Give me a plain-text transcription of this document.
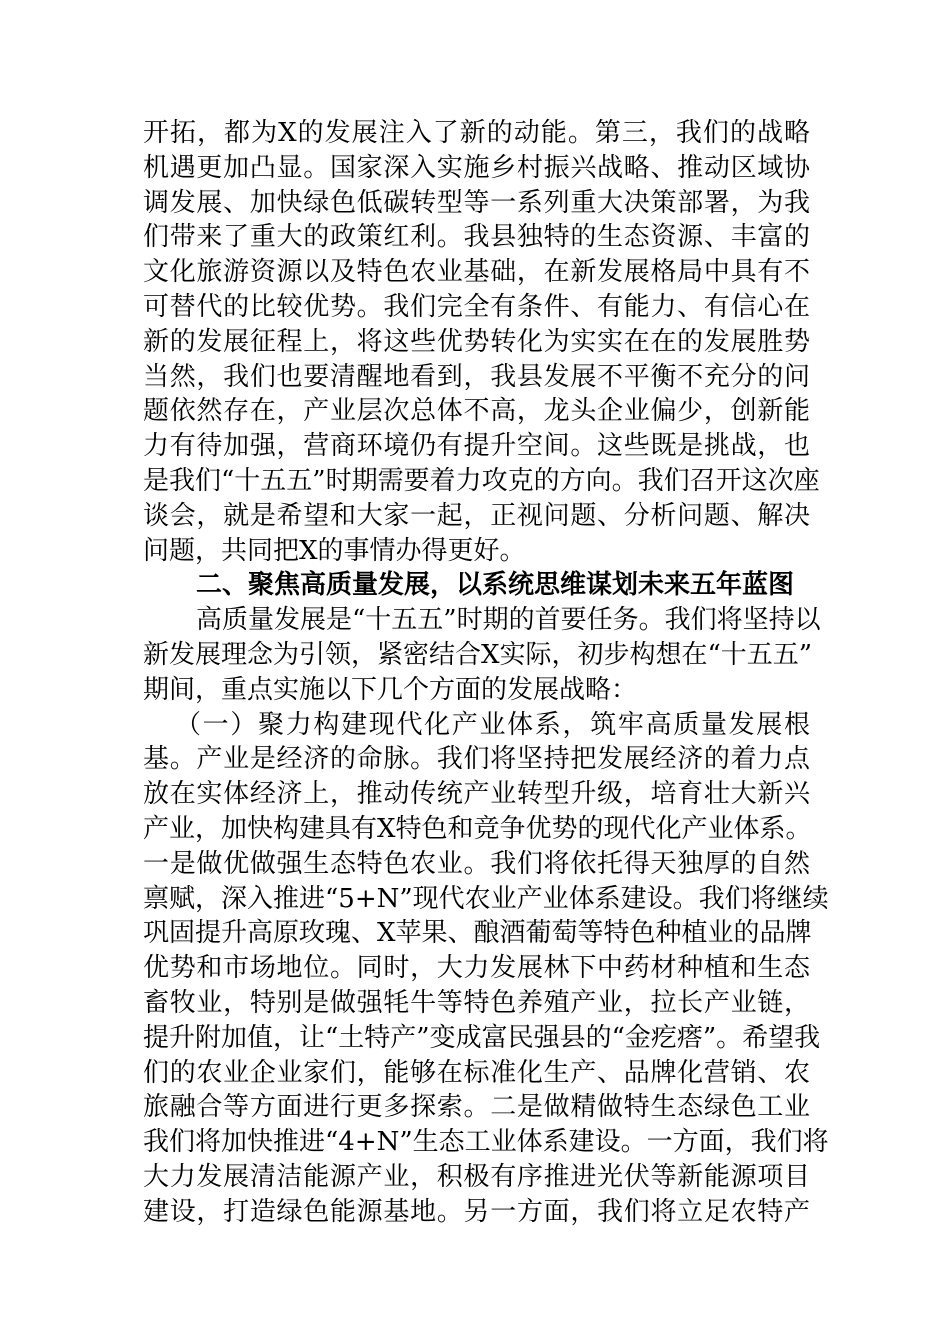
开拓，都为X的发展注入了新的动能。第三，我们的战略
机遇更加凸显。国家深入实施乡村振兴战略、推动区域协
调发展、加快绿色低碳转型等一系列重大决策部署，为我
们带来了重大的政策红利。我县独特的生态资源、丰富的
文化旅游资源以及特色农业基础，在新发展格局中具有不
可替代的比较优势。我们完全有条件、有能力、有信心在
新的发展征程上，将这些优势转化为实实在在的发展胜势
当然，我们也要清醒地看到，我县发展不平衡不充分的问
题依然存在，产业层次总体不高，龙头企业偏少，创新能
力有待加强，营商环境仍有提升空间。这些既是挑战，也
是我们“十五五”时期需要着力攻克的方向。我们召开这次座
谈会，就是希望和大家一起，正视问题、分析问题、解决
问题，共同把X的事情办得更好。
二、聚焦高质量发展，以系统思维谋划未来五年蓝图
高质量发展是“十五五”时期的首要任务。我们将坚持以
新发展理念为引领，紧密结合X实际，初步构想在“十五五”
期间，重点实施以下几个方面的发展战略：
（一）聚力构建现代化产业体系，筑牢高质量发展根
基。产业是经济的命脉。我们将坚持把发展经济的着力点
放在实体经济上，推动传统产业转型升级，培育壮大新兴
产业，加快构建具有X特色和竞争优势的现代化产业体系。
一是做优做强生态特色农业。我们将依托得天独厚的自然
禀赋，深入推进“5+N”现代农业产业体系建设。我们将继续
巩固提升高原玫瑰、X苹果、酿酒葡萄等特色种植业的品牌
优势和市场地位。同时，大力发展林下中药材种植和生态
畜牧业，特别是做强牦牛等特色养殖产业，拉长产业链，
提升附加值，让“土特产”变成富民强县的“金疙瘩”。希望我
们的农业企业家们，能够在标准化生产、品牌化营销、农
旅融合等方面进行更多探索。二是做精做特生态绿色工业
我们将加快推进“4+N”生态工业体系建设。一方面，我们将
大力发展清洁能源产业，积极有序推进光伏等新能源项目
建设，打造绿色能源基地。另一方面，我们将立足农特产
